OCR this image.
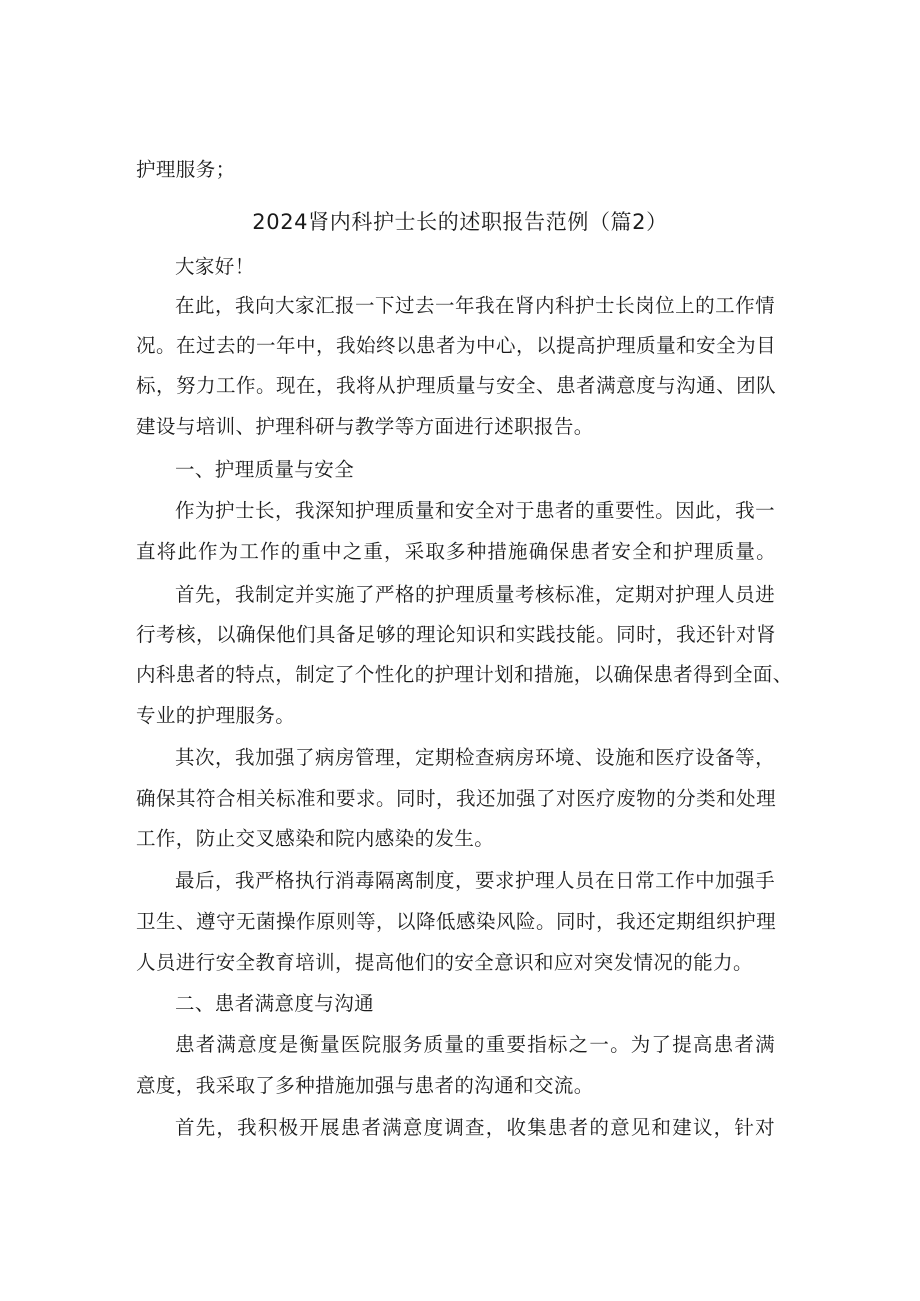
护理服务；
2024肾内科护士长的述职报告范例（篇2）
大家好！
在此，我向大家汇报一下过去一年我在肾内科护士长岗位上的工作情
况。在过去的一年中，我始终以患者为中心，以提高护理质量和安全为目
标，努力工作。现在，我将从护理质量与安全、患者满意度与沟通、团队
建设与培训、护理科研与教学等方面进行述职报告。
一、护理质量与安全
作为护士长，我深知护理质量和安全对于患者的重要性。因此，我一
直将此作为工作的重中之重，采取多种措施确保患者安全和护理质量。
首先，我制定并实施了严格的护理质量考核标准，定期对护理人员进
行考核，以确保他们具备足够的理论知识和实践技能。同时，我还针对肾
内科患者的特点，制定了个性化的护理计划和措施，以确保患者得到全面、
专业的护理服务。
其次，我加强了病房管理，定期检查病房环境、设施和医疗设备等，
确保其符合相关标准和要求。同时，我还加强了对医疗废物的分类和处理
工作，防止交叉感染和院内感染的发生。
最后，我严格执行消毒隔离制度，要求护理人员在日常工作中加强手
卫生、遵守无菌操作原则等，以降低感染风险。同时，我还定期组织护理
人员进行安全教育培训，提高他们的安全意识和应对突发情况的能力。
二、患者满意度与沟通
患者满意度是衡量医院服务质量的重要指标之一。为了提高患者满
意度，我采取了多种措施加强与患者的沟通和交流。
首先，我积极开展患者满意度调查，收集患者的意见和建议，针对
